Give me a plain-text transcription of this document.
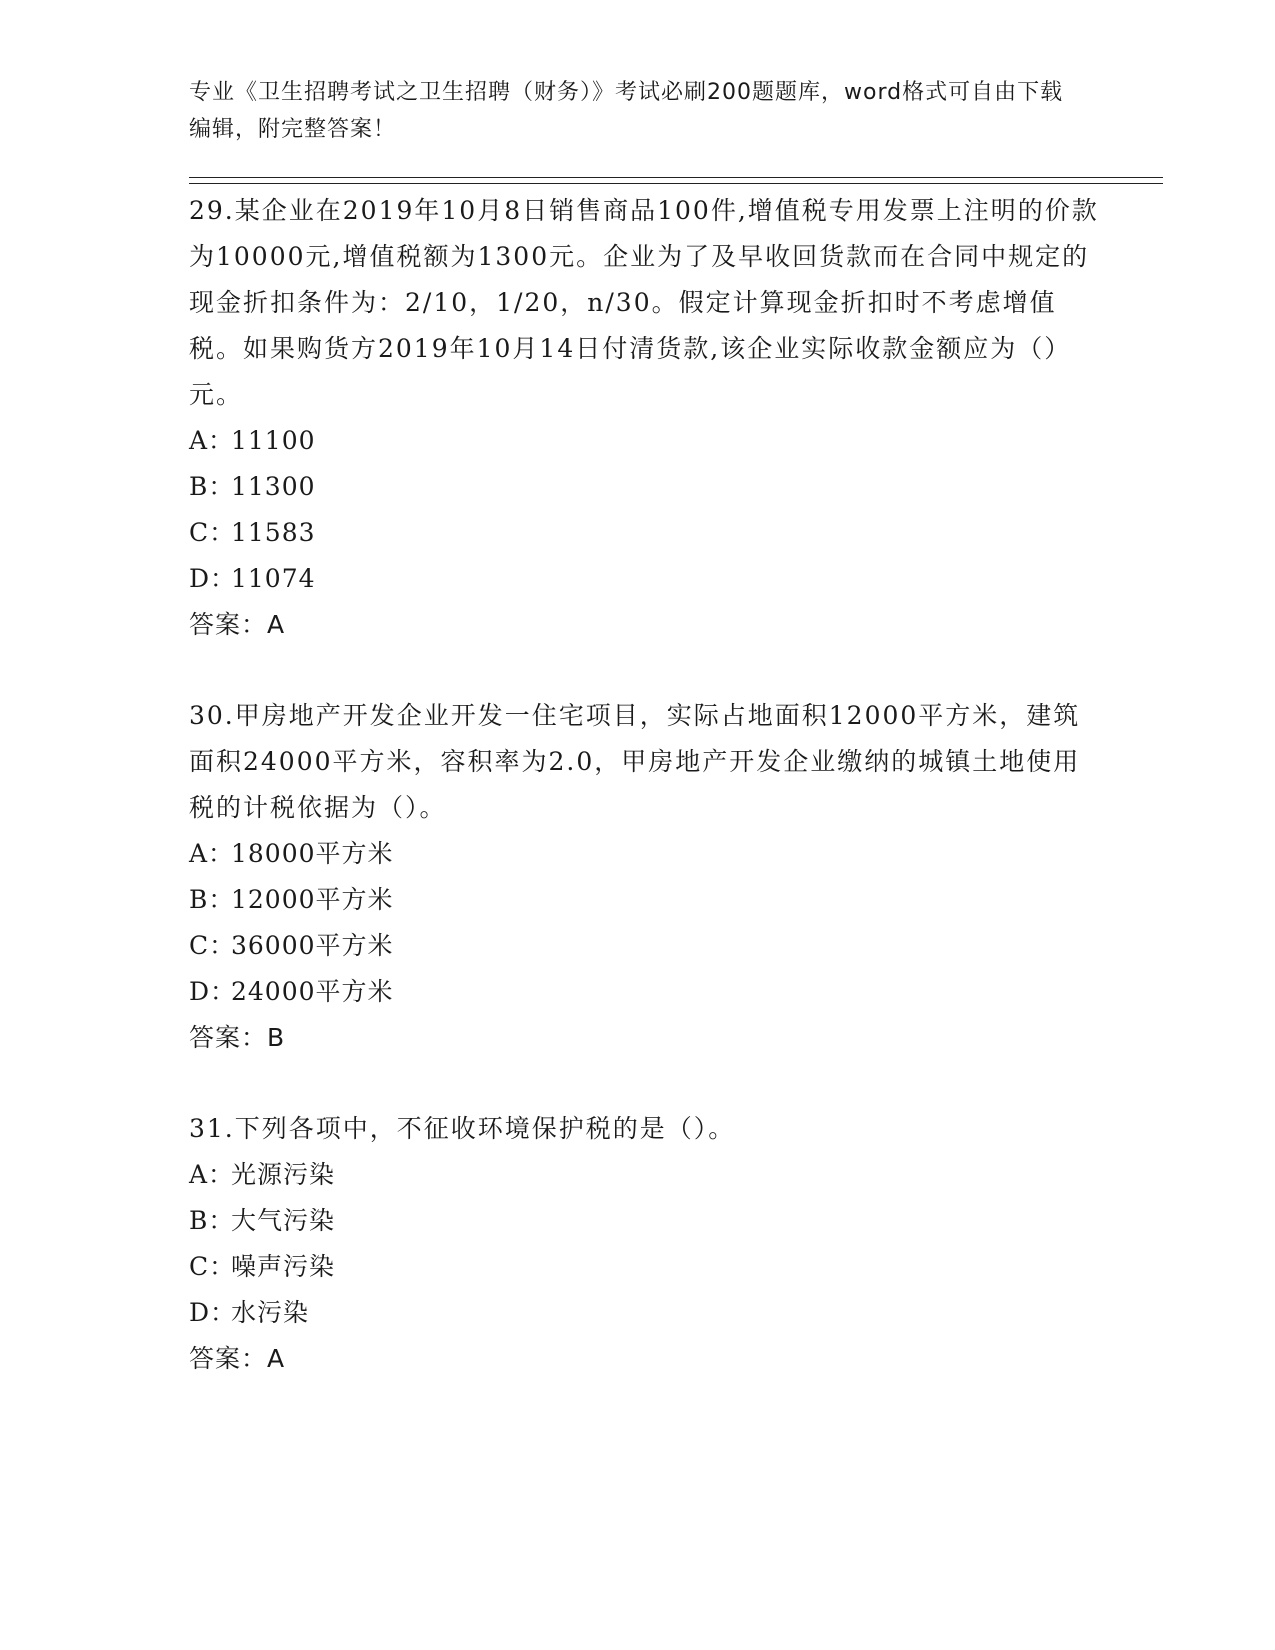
专业《卫生招聘考试之卫生招聘（财务）》考试必刷200题题库，word格式可自由下载编辑，附完整答案！

29.某企业在2019年10月8日销售商品100件,增值税专用发票上注明的价款为10000元,增值税额为1300元。企业为了及早收回货款而在合同中规定的现金折扣条件为：2/10，1/20，n/30。假定计算现金折扣时不考虑增值税。如果购货方2019年10月14日付清货款,该企业实际收款金额应为（）元。

A：
11100
B：
11300
C：
11583
D：
11074

答案：A

30.甲房地产开发企业开发一住宅项目，实际占地面积12000平方米，建筑面积24000平方米，容积率为2.0，甲房地产开发企业缴纳的城镇土地使用税的计税依据为（）。

A：
18000平方米
B：
12000平方米
C：
36000平方米
D：
24000平方米

答案：B

31.下列各项中，不征收环境保护税的是（）。

A：
光源污染
B：
大气污染
C：
噪声污染
D：
水污染

答案：A
